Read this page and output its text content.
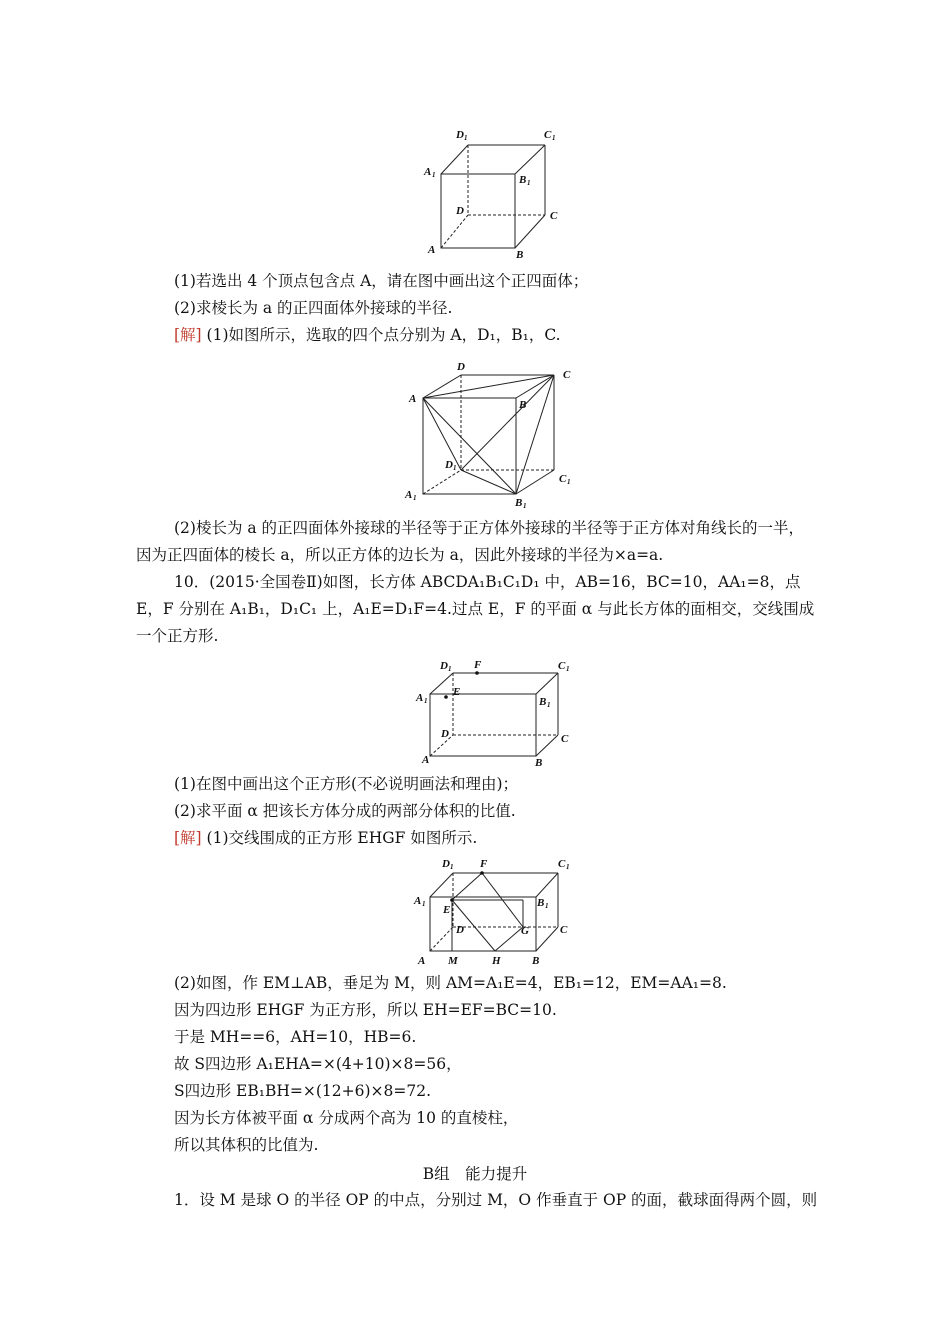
D 1	C 1
A 1	B 1
D	C
A	B
(1)若选出 4 个顶点包含点 A，请在图中画出这个正四面体；
(2)求棱长为 a 的正四面体外接球的半径.
[解] (1)如图所示，选取的四个点分别为 A，D₁，B₁，C.
D
C
A	B
D 1
C 1
A 1	B 1
(2)棱长为 a 的正四面体外接球的半径等于正方体外接球的半径等于正方体对角线长的一半，因为正四面体的棱长 a，所以正方体的边长为 a，因此外接球的半径为×a=a.
10．(2015·全国卷Ⅱ)如图，长方体 ABCDA₁B₁C₁D₁ 中，AB=16，BC=10，AA₁=8，点 E，F 分别在 A₁B₁，D₁C₁ 上，A₁E=D₁F=4.过点 E，F 的平面 α 与此长方体的面相交，交线围成一个正方形.
D 1 F	C 1
A 1
E
B 1
D	C
A	B
(1)在图中画出这个正方形(不必说明画法和理由)；
(2)求平面 α 把该长方体分成的两部分体积的比值.
[解] (1)交线围成的正方形 EHGF 如图所示.
D 1 F	C 1
A 1 E
B 1
D	G	C
A M	H	B
(2)如图，作 EM⊥AB，垂足为 M，则 AM=A₁E=4，EB₁=12，EM=AA₁=8.
因为四边形 EHGF 为正方形，所以 EH=EF=BC=10.
于是 MH==6，AH=10，HB=6.
故 S四边形 A₁EHA=×(4+10)×8=56，
S四边形 EB₁BH=×(12+6)×8=72.
因为长方体被平面 α 分成两个高为 10 的直棱柱，
所以其体积的比值为.
B组　能力提升
1．设 M 是球 O 的半径 OP 的中点，分别过 M，O 作垂直于 OP 的面，截球面得两个圆，则
